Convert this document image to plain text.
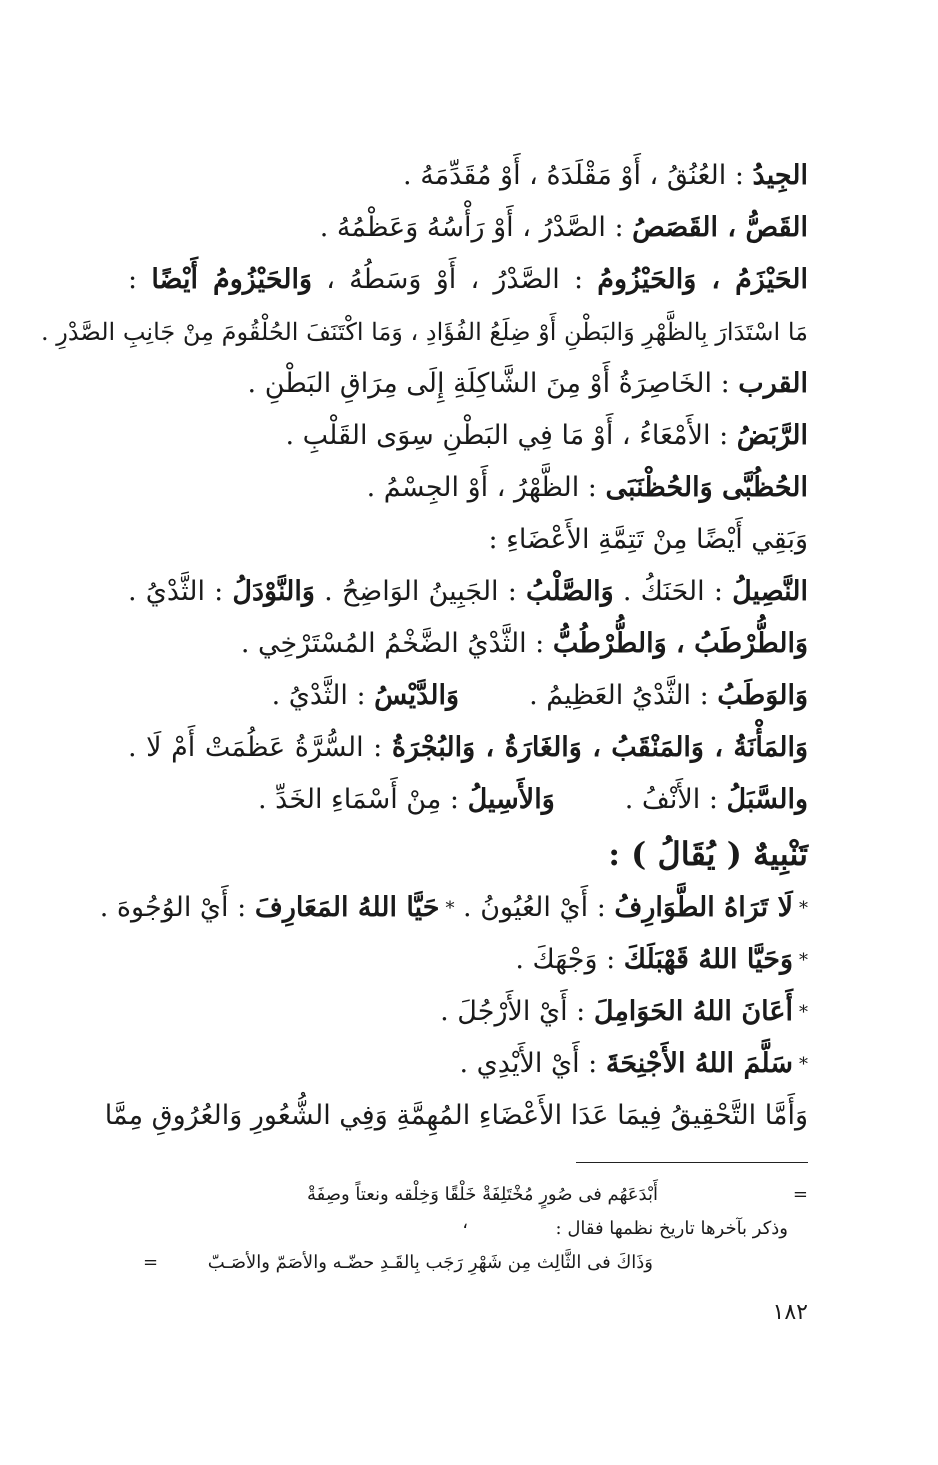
الجِيدُ : العُنُقُ ، أَوْ مَقْلَدَهُ ، أَوْ مُقَدِّمَهُ .
القَصُّ ، القَصَصُ : الصَّدْرُ ، أَوْ رَأْسُهُ وَعَظْمُهُ .
الحَيْزَمُ ، وَالحَيْزُومُ : الصَّدْرُ ، أَوْ وَسَطُهُ ، وَالحَيْزُومُ أَيْضًا :
مَا اسْتَدَارَ بِالظَّهْرِ وَالبَطْنِ أَوْ ضِلَعُ الفُؤَادِ ، وَمَا اكْتَنَفَ الحُلْقُومَ مِنْ جَانِبِ الصَّدْرِ .
القرب : الخَاصِرَةُ أَوْ مِنَ الشَّاكِلَةِ إِلَى مِرَاقِ البَطْنِ .
الرَّبَضُ : الأَمْعَاءُ ، أَوْ مَا فِي البَطْنِ سِوَى القَلْبِ .
الحُظُبَّى وَالحُظْنَبَى : الظَّهْرُ ، أَوْ الجِسْمُ .
وَبَقِي أَيْضًا مِنْ تَتِمَّةِ الأَعْضَاءِ :
النَّصِيلُ : الحَنَكُ . وَالصَّلْبُ : الجَبِينُ الوَاضِحُ . وَالنَّوْدَلُ : الثَّدْيُ .
وَالطُّرْطَبُ ، وَالطُّرْطُبُّ : الثَّدْيُ الضَّخْمُ المُسْتَرْخِي .
وَالوَطَبُ : الثَّدْيُ العَظِيمُ .وَالدَّيْسُ : الثَّدْيُ .
وَالمَأْنَةُ ، وَالمَنْقَبُ ، وَالغَارَةُ ، وَالبُجْرَةُ : السُّرَّةُ عَظُمَتْ أَمْ لَا .
والسَّبَلُ : الأَنْفُ .وَالأَسِيلُ : مِنْ أَسْمَاءِ الخَدِّ .
تَنْبِيهٌ ( يُقَالُ ) :
*لَا تَرَاهُ الطَّوَارِفُ : أَيْ العُيُونُ . *حَيَّا اللهُ المَعَارِفَ : أَيْ الوُجُوهَ .
*وَحَيَّا اللهُ قَهْبَلَكَ : وَجْهَكَ .
*أَعَانَ اللهُ الحَوَامِلَ : أَيْ الأَرْجُلَ .
*سَلَّمَ اللهُ الأَجْنِحَةَ : أَيْ الأَيْدِي .
وَأَمَّا التَّحْقِيقُ فِيمَا عَدَا الأَعْضَاءِ المُهِمَّةِ وَفِي الشُّعُورِ وَالعُرُوقِ مِمَّا
=
أَبْدَعَهُم فى صُورٍ مُخْتَلِفَةْ خَلْقًا وَخِلْقه ونعتاً وصِفَةْ
وذكر بآخرها تاريخ نظمها فقال :
،
وَذَاكَ فى الثَّالِث مِن شَهْرِ رَجَب بِالقَـدِ حضّـه والأصَمّ والأصَـبّ
=
١٨٢
